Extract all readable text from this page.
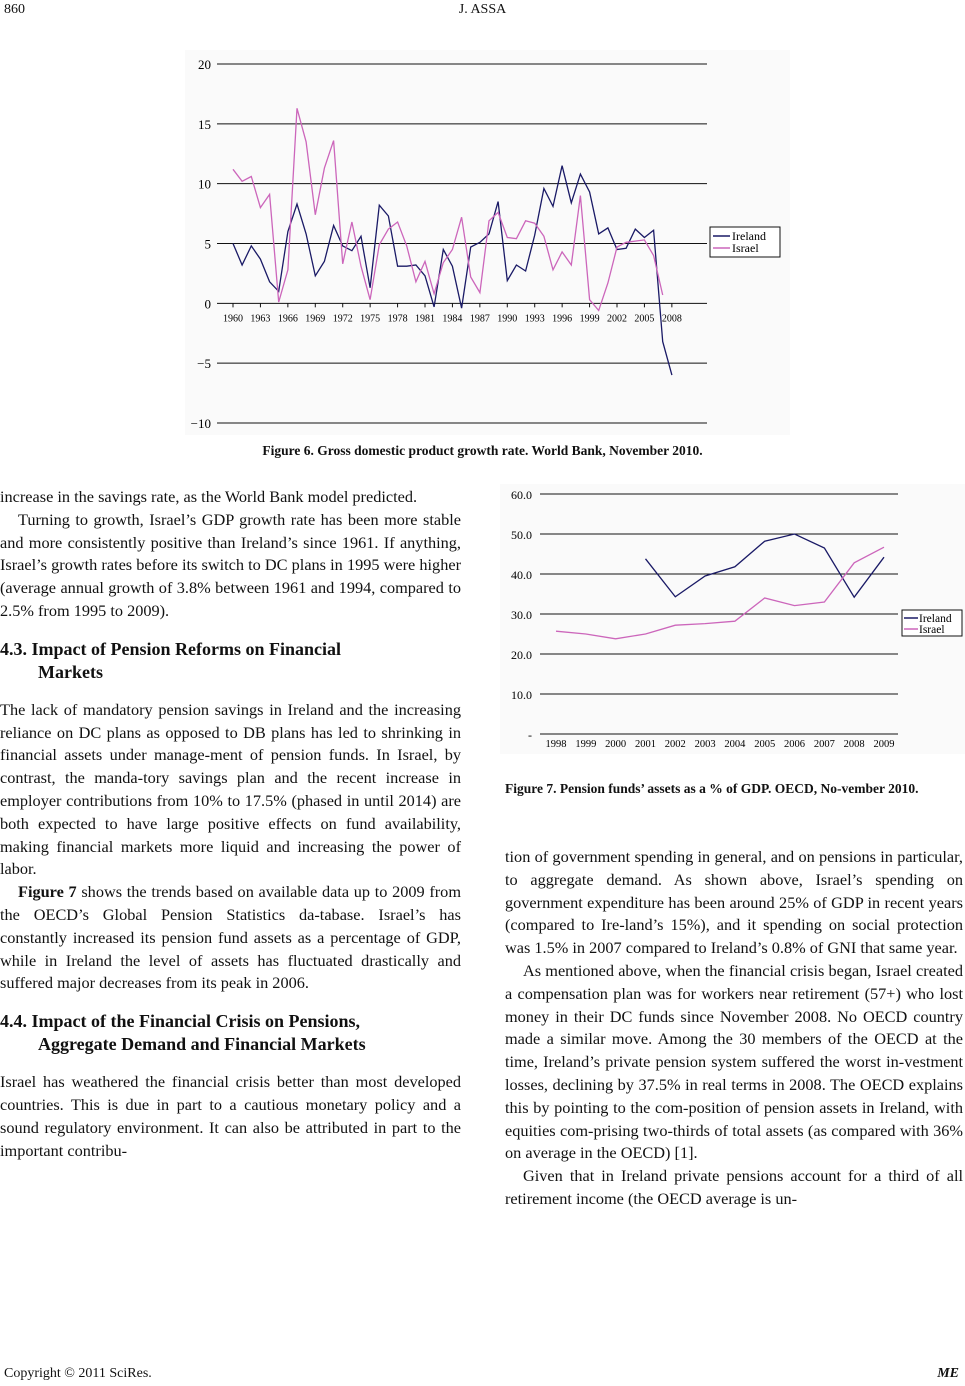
860	J. ASSA
20
15
10
5
0
−5
−10
1960 1963 1966 1969 1972 1975 1978 1981 1984 1987 1990 1993 1996 1999 2002 2005 2008
Ireland
Israel
Figure 6. Gross domestic product growth rate. World Bank, November 2010.

increase in the savings rate, as the World Bank model predicted.

Turning to growth, Israel’s GDP growth rate has been more stable and more consistently positive than Ireland’s since 1961. If anything, Israel’s growth rates before its switch to DC plans in 1995 were higher (average annual growth of 3.8% between 1961 and 1994, compared to 2.5% from 1995 to 2009).

4.3. Impact of Pension Reforms on Financial
Markets

The lack of mandatory pension savings in Ireland and the increasing reliance on DC plans as opposed to DB plans has led to shrinking in financial assets under manage-ment of pension funds. In Israel, by contrast, the manda-tory savings plan and the recent increase in employer contributions from 10% to 17.5% (phased in until 2014) are both expected to have large positive effects on fund availability, making financial markets more liquid and increasing the power of labor.

Figure 7 shows the trends based on available data up to 2009 from the OECD’s Global Pension Statistics da-tabase. Israel’s has constantly increased its pension fund assets as a percentage of GDP, while in Ireland the level of assets has fluctuated drastically and suffered major decreases from its peak in 2006.

4.4. Impact of the Financial Crisis on Pensions,
Aggregate Demand and Financial Markets

Israel has weathered the financial crisis better than most developed countries. This is due in part to a cautious monetary policy and a sound regulatory environment. It can also be attributed in part to the important contribu-

60.0
50.0
40.0
30.0
20.0
10.0
-
1998 1999 2000 2001 2002 2003 2004 2005 2006 2007 2008 2009
Ireland
Israel
Figure 7. Pension funds’ assets as a % of GDP. OECD, No-vember 2010.

tion of government spending in general, and on pensions in particular, to aggregate demand. As shown above, Israel’s spending on government expenditure has been around 25% of GDP in recent years (compared to Ire-land’s 15%), and it spending on social protection was 1.5% in 2007 compared to Ireland’s 0.8% of GNI that same year.

As mentioned above, when the financial crisis began, Israel created a compensation plan was for workers near retirement (57+) who lost money in their DC funds since November 2008. No OECD country made a similar move. Among the 30 members of the OECD at the time, Ireland’s private pension system suffered the worst in-vestment losses, declining by 37.5% in real terms in 2008. The OECD explains this by pointing to the com-position of pension assets in Ireland, with equities com-prising two-thirds of total assets (as compared with 36% on average in the OECD) [1].

Given that in Ireland private pensions account for a third of all retirement income (the OECD average is un-

Copyright © 2011 SciRes.	ME
